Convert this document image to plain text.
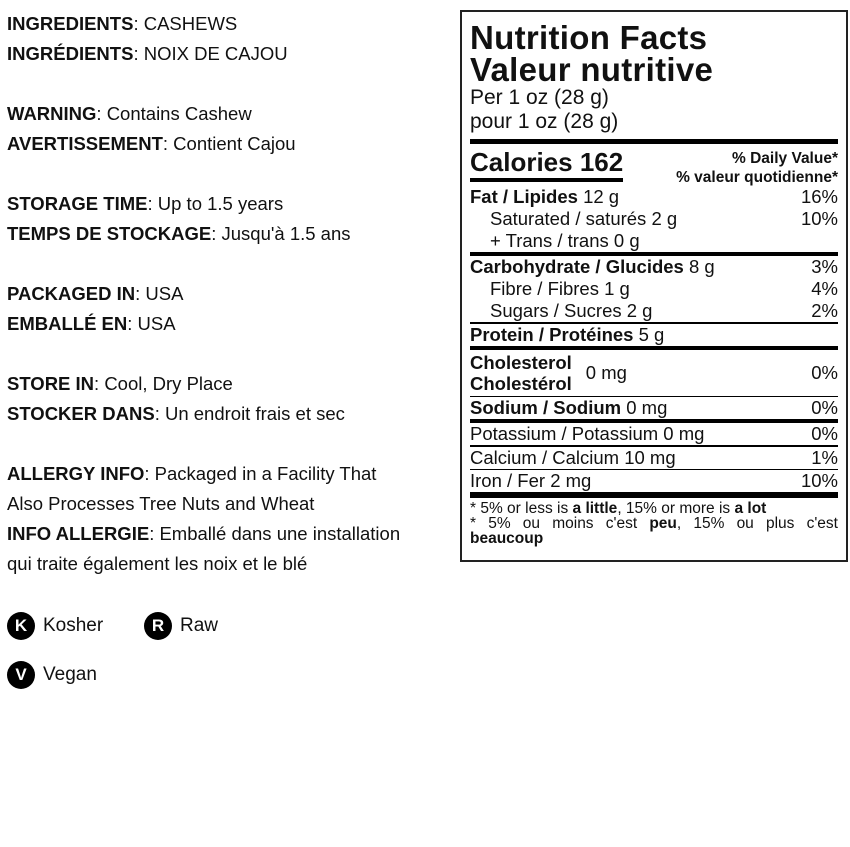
INGREDIENTS: CASHEWS
INGRÉDIENTS: NOIX DE CAJOU
WARNING: Contains Cashew
AVERTISSEMENT: Contient Cajou
STORAGE TIME: Up to 1.5 years
TEMPS DE STOCKAGE: Jusqu'à 1.5 ans
PACKAGED IN: USA
EMBALLÉ EN: USA
STORE IN: Cool, Dry Place
STOCKER DANS: Un endroit frais et sec
ALLERGY INFO: Packaged in a Facility That
Also Processes Tree Nuts and Wheat
INFO ALLERGIE: Emballé dans une installation
qui traite également les noix et le blé
K Kosher	R Raw
V Vegan
Nutrition Facts
Valeur nutritive
Per 1 oz (28 g)
pour 1 oz (28 g)
Calories 162	% Daily Value*
% valeur quotidienne*
Fat / Lipides 12 g	16%
Saturated / saturés 2 g	10%
+ Trans / trans 0 g
Carbohydrate / Glucides 8 g	3%
Fibre / Fibres 1 g	4%
Sugars / Sucres 2 g	2%
Protein / Protéines 5 g
Cholesterol
Cholestérol
0 mg	0%
Sodium / Sodium 0 mg	0%
Potassium / Potassium 0 mg	0%
Calcium / Calcium 10 mg	1%
Iron / Fer 2 mg	10%
* 5% or less is a little, 15% or more is a lot
* 5% ou moins c'est peu, 15% ou plus c'est
beaucoup
